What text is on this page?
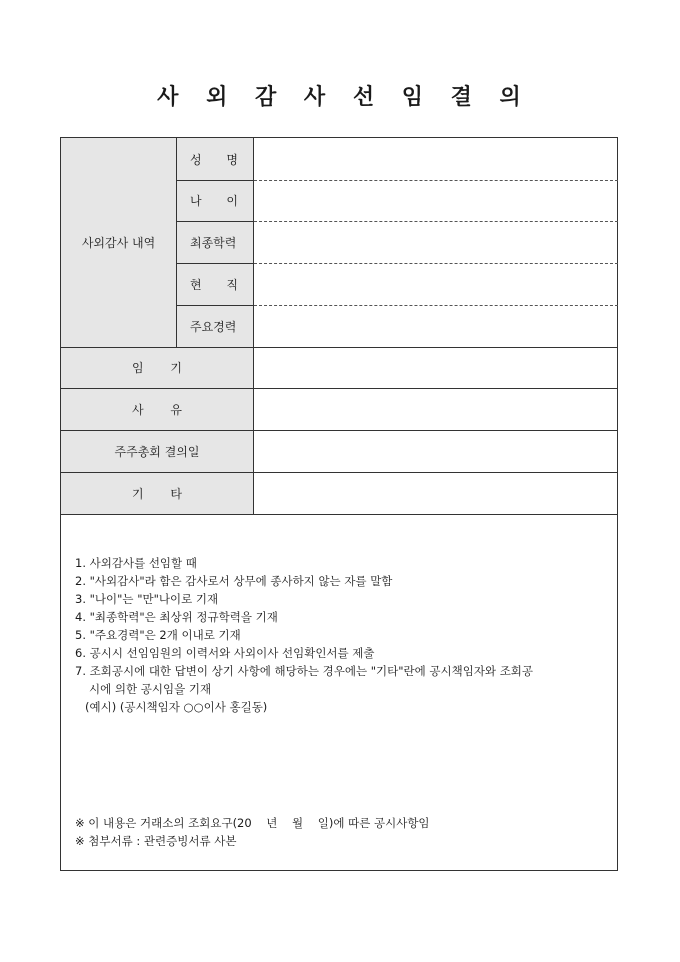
사 외 감 사 선 임 결 의
사외감사 내역
성 명
나 이
최종학력
현 직
주요경력
임 기
사 유
주주총회 결의일
기 타
1. 사외감사를 선임할 때
2. "사외감사"라 함은 감사로서 상무에 종사하지 않는 자를 말함
3. "나이"는 "만"나이로 기재
4. "최종학력"은 최상위 정규학력을 기재
5. "주요경력"은 2개 이내로 기재
6. 공시시 선임임원의 이력서와 사외이사 선임확인서를 제출
7. 조회공시에 대한 답변이 상기 사항에 해당하는 경우에는 "기타"란에 공시책임자와 조회공
시에 의한 공시임을 기재
(예시) (공시책임자 ○○이사 홍길동)
※ 이 내용은 거래소의 조회요구(20    년    월    일)에 따른 공시사항임
※ 첨부서류 : 관련증빙서류 사본
